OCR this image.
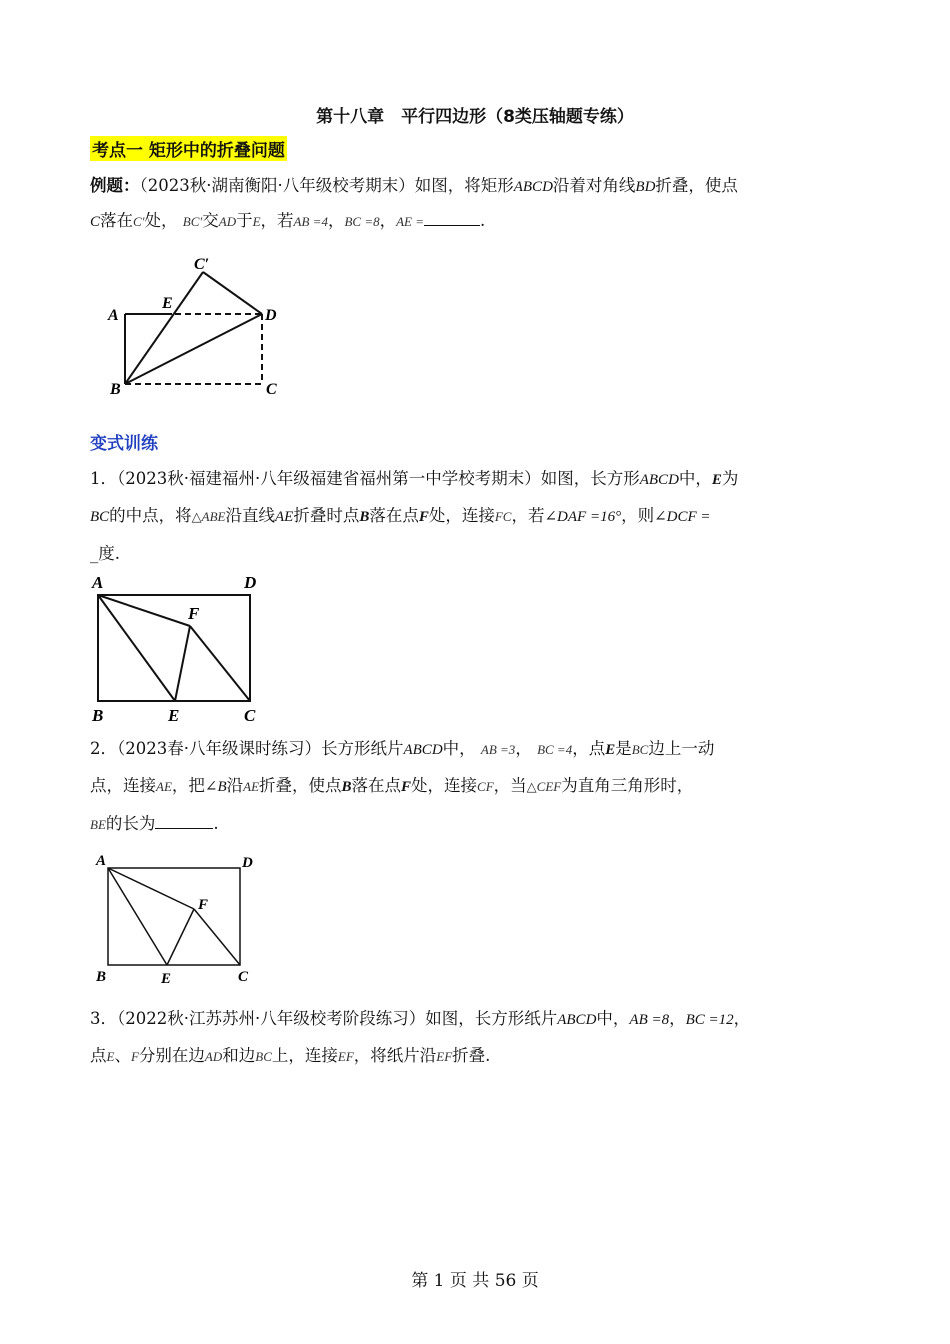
第十八章　平行四边形（8类压轴题专练）
考点一 矩形中的折叠问题
例题：（2023秋·湖南衡阳·八年级校考期末）如图，将矩形ABCD沿着对角线BD折叠，使点
C落在C′处， BC′交AD于E，若AB =4，BC =8，AE =	.
A
B	C
D
E
C′
变式训练
1．（2023秋·福建福州·八年级福建省福州第一中学校考期末）如图，长方形ABCD中，E为
BC的中点，将△ABE沿直线AE折叠时点B落在点F处，连接FC，若∠DAF =16°，则∠DCF =
_度.
A
B	C
D
E
F
2．（2023春·八年级课时练习）长方形纸片ABCD中， AB =3， BC =4，点E是BC边上一动
点，连接AE，把∠B沿AE折叠，使点B落在点F处，连接CF，当△CEF为直角三角形时，
BE的长为	.
A
B	C
D
E
F
3．（2022秋·江苏苏州·八年级校考阶段练习）如图，长方形纸片ABCD中，AB =8，BC =12，
点E、F分别在边AD和边BC上，连接EF，将纸片沿EF折叠.
第 1 页 共 56 页
